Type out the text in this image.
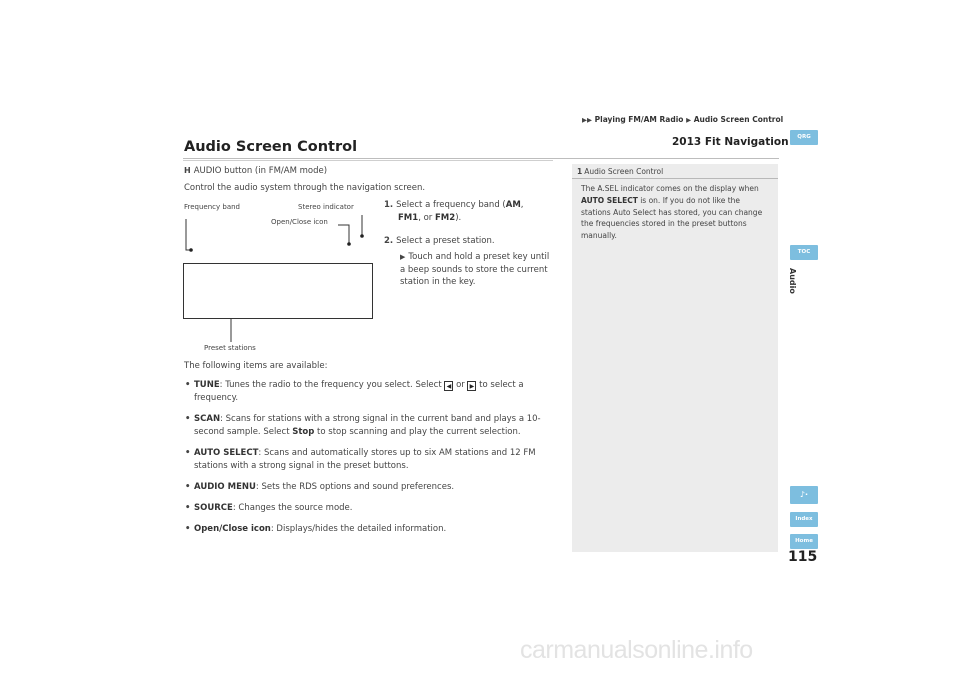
▶▶ Playing FM/AM Radio ▶ Audio Screen Control
2013 Fit Navigation
Audio Screen Control
H AUDIO button (in FM/AM mode)
Control the audio system through the navigation screen.
Frequency band	Stereo indicator
Open/Close icon
Preset stations
1. Select a frequency band (AM,
FM1, or FM2).
2. Select a preset station.
▶ Touch and hold a preset key until a beep sounds to store the current station in the key.
The following items are available:
• TUNE: Tunes the radio to the frequency you select. Select ◀ or ▶ to select a frequency.
• SCAN: Scans for stations with a strong signal in the current band and plays a 10-second sample. Select Stop to stop scanning and play the current selection.
• AUTO SELECT: Scans and automatically stores up to six AM stations and 12 FM stations with a strong signal in the preset buttons.
• AUDIO MENU: Sets the RDS options and sound preferences.
• SOURCE: Changes the source mode.
• Open/Close icon: Displays/hides the detailed information.
1 Audio Screen Control
The A.SEL indicator comes on the display when AUTO SELECT is on. If you do not like the stations Auto Select has stored, you can change the frequencies stored in the preset buttons manually.
QRG
TOC
Audio
♪·
Index
Home
115
carmanualsonline.info
